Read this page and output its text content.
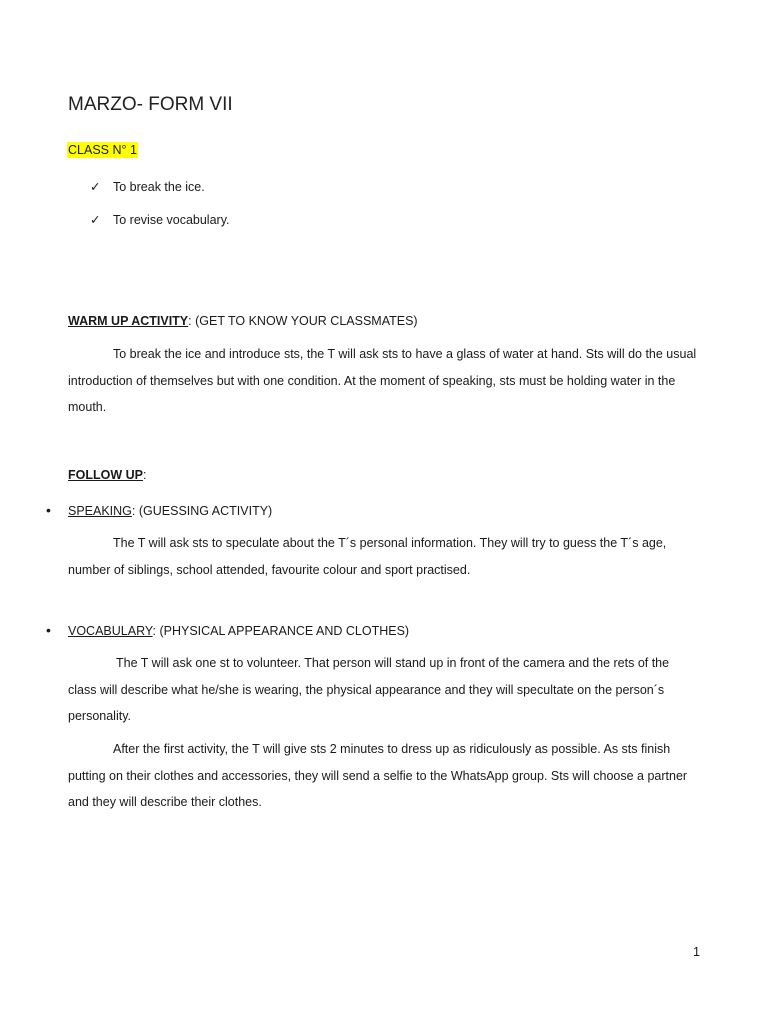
MARZO- FORM VII
CLASS N° 1
✓ To break the ice.
✓ To revise vocabulary.
WARM UP ACTIVITY: (GET TO KNOW YOUR CLASSMATES)
To break the ice and introduce sts, the T will ask sts to have a glass of water at hand. Sts will do the usual
introduction of themselves but with one condition. At the moment of speaking, sts must be holding water in the
mouth.
FOLLOW UP:
• SPEAKING: (GUESSING ACTIVITY)
The T will ask sts to speculate about the T´s personal information. They will try to guess the T´s age,
number of siblings, school attended, favourite colour and sport practised.
• VOCABULARY: (PHYSICAL APPEARANCE AND CLOTHES)
The T will ask one st to volunteer. That person will stand up in front of the camera and the rets of the
class will describe what he/she is wearing, the physical appearance and they will specultate on the person´s
personality.
After the first activity, the T will give sts 2 minutes to dress up as ridiculously as possible. As sts finish
putting on their clothes and accessories, they will send a selfie to the WhatsApp group. Sts will choose a partner
and they will describe their clothes.
1
